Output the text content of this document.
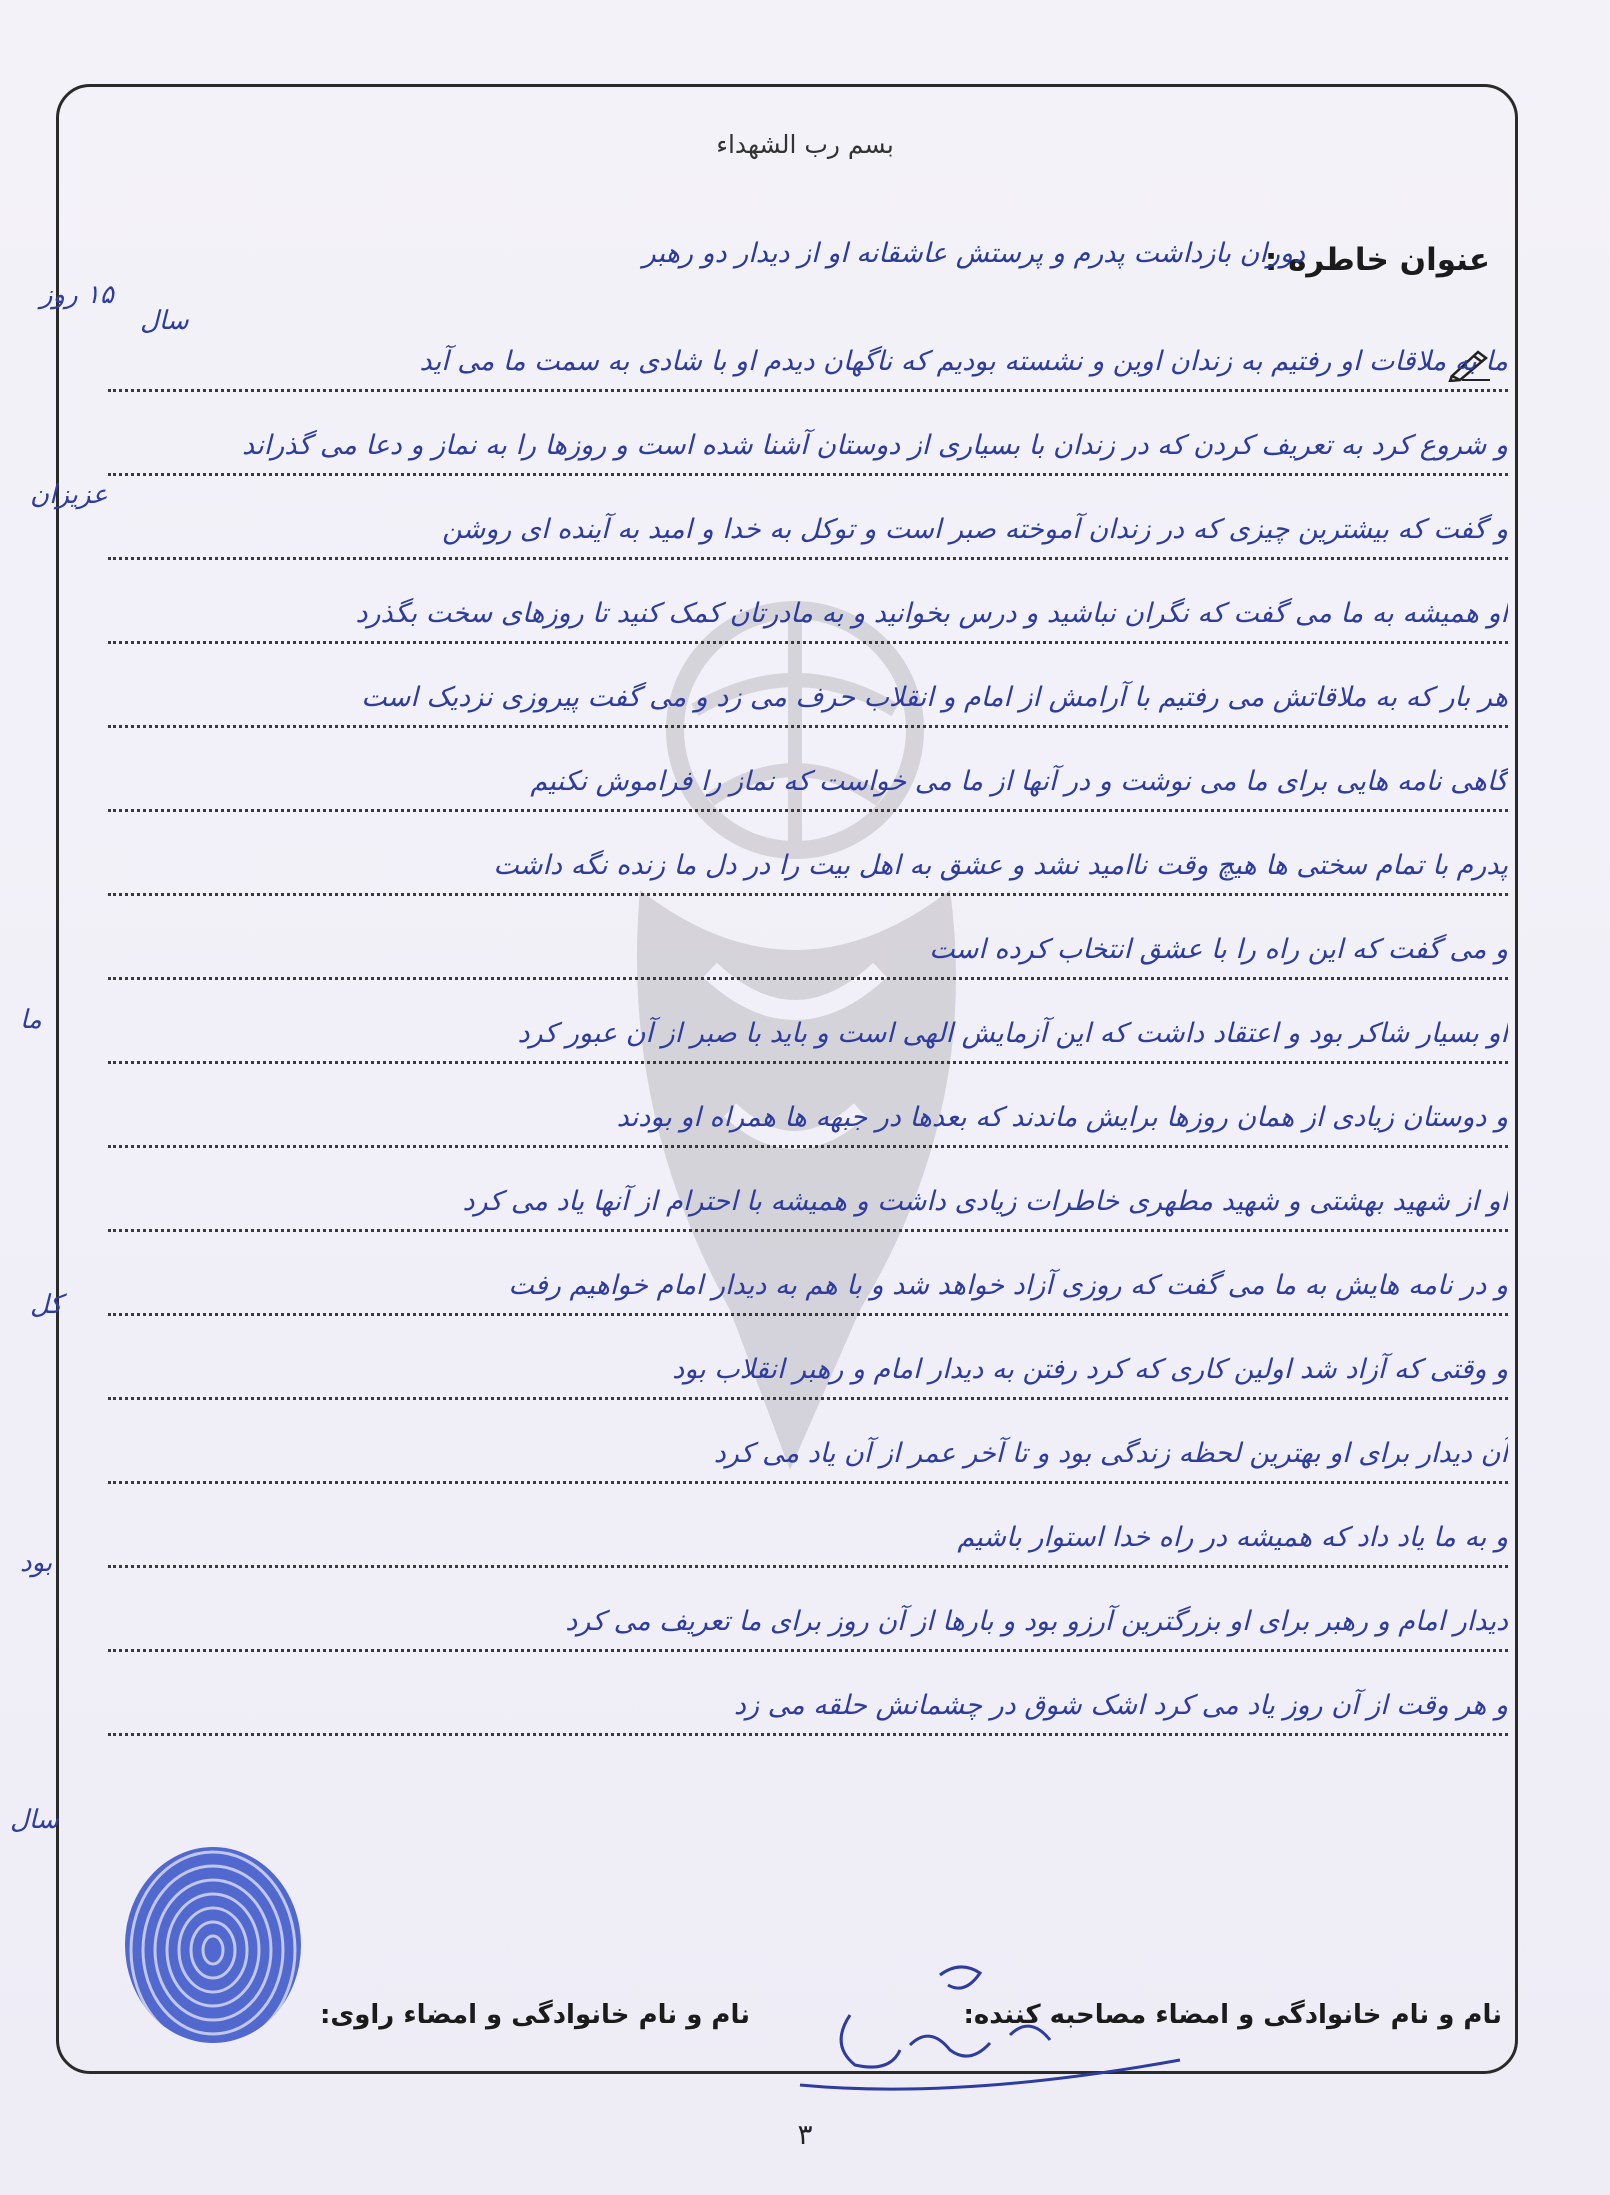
بسم رب الشهداء
عنوان خاطره :
دوران بازداشت پدرم و پرستش عاشقانه او از دیدار دو رهبر
ما به ملاقات او رفتیم به زندان اوین و نشسته بودیم که ناگهان دیدم او با شادی به سمت ما می آید
و شروع کرد به تعریف کردن که در زندان با بسیاری از دوستان آشنا شده است و روزها را به نماز و دعا می گذراند
و گفت که بیشترین چیزی که در زندان آموخته صبر است و توکل به خدا و امید به آینده ای روشن
او همیشه به ما می گفت که نگران نباشید و درس بخوانید و به مادرتان کمک کنید تا روزهای سخت بگذرد
هر بار که به ملاقاتش می رفتیم با آرامش از امام و انقلاب حرف می زد و می گفت پیروزی نزدیک است
گاهی نامه هایی برای ما می نوشت و در آنها از ما می خواست که نماز را فراموش نکنیم
پدرم با تمام سختی ها هیچ وقت ناامید نشد و عشق به اهل بیت را در دل ما زنده نگه داشت
و می گفت که این راه را با عشق انتخاب کرده است
او بسیار شاکر بود و اعتقاد داشت که این آزمایش الهی است و باید با صبر از آن عبور کرد
و دوستان زیادی از همان روزها برایش ماندند که بعدها در جبهه ها همراه او بودند
او از شهید بهشتی و شهید مطهری خاطرات زیادی داشت و همیشه با احترام از آنها یاد می کرد
و در نامه هایش به ما می گفت که روزی آزاد خواهد شد و با هم به دیدار امام خواهیم رفت
و وقتی که آزاد شد اولین کاری که کرد رفتن به دیدار امام و رهبر انقلاب بود
آن دیدار برای او بهترین لحظه زندگی بود و تا آخر عمر از آن یاد می کرد
و به ما یاد داد که همیشه در راه خدا استوار باشیم
دیدار امام و رهبر برای او بزرگترین آرزو بود و بارها از آن روز برای ما تعریف می کرد
و هر وقت از آن روز یاد می کرد اشک شوق در چشمانش حلقه می زد
۱۵ روز
سال
عزیزان
ما
کل
سال
بود
نام و نام خانوادگی و امضاء مصاحبه کننده:
نام و نام خانوادگی و امضاء راوی:
۳
